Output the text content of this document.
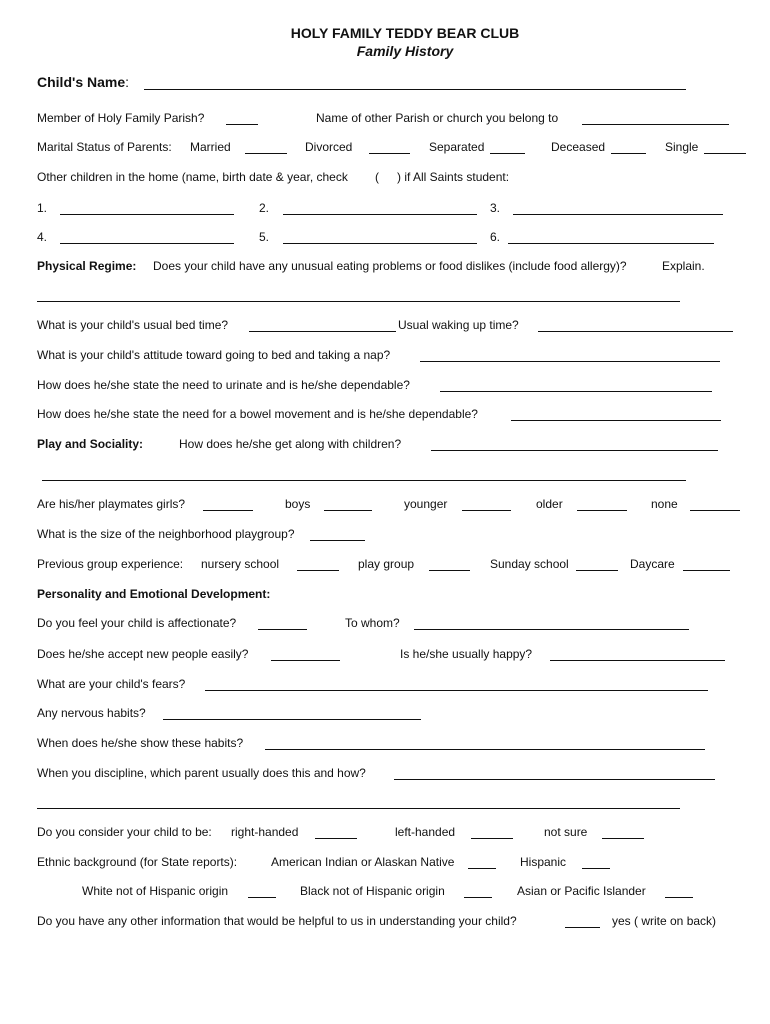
HOLY FAMILY TEDDY BEAR CLUB
Family History
Child's Name:
Member of Holy Family Parish?	Name of other Parish or church you belong to
Marital Status of Parents: Married	Divorced	Separated	Deceased	Single
Other children in the home (name, birth date & year, check ( ) if All Saints student:
1.	2.	3.
4.	5.	6.
Physical Regime: Does your child have any unusual eating problems or food dislikes (include food allergy)?	Explain.
What is your child's usual bed time?	Usual waking up time?
What is your child's attitude toward going to bed and taking a nap?
How does he/she state the need to urinate and is he/she dependable?
How does he/she state the need for a bowel movement and is he/she dependable?
Play and Sociality:	How does he/she get along with children?
Are his/her playmates girls?	boys	younger	older	none
What is the size of the neighborhood playgroup?
Previous group experience: nursery school	play group	Sunday school	Daycare
Personality and Emotional Development:
Do you feel your child is affectionate?	To whom?
Does he/she accept new people easily?	Is he/she usually happy?
What are your child's fears?
Any nervous habits?
When does he/she show these habits?
When you discipline, which parent usually does this and how?
Do you consider your child to be: right-handed	left-handed	not sure
Ethnic background (for State reports):	American Indian or Alaskan Native	Hispanic
White not of Hispanic origin	Black not of Hispanic origin	Asian or Pacific Islander
Do you have any other information that would be helpful to us in understanding your child?	yes ( write on back)
